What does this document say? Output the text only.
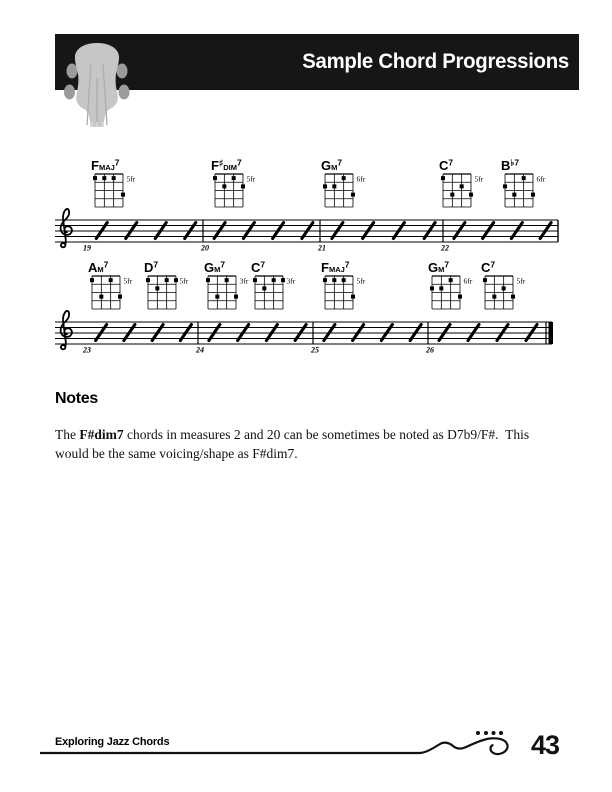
Sample Chord Progressions
19	20	21	22
FMAJ$^7$
5fr
$F^♯_{DIM}^7$
5fr
$GM^7$
6fr
$C^7$
5fr
B♭7
6fr
23	24	25	26
$AM^7$
5fr
$D^7$
5fr
$GM^7$
3fr
$C^7$
3fr
FMAJ$^7$
5fr
$GM^7$
6fr
$C^7$
5fr
Notes

The F#dim7 chords in measures 2 and 20 can be sometimes be noted as D7b9/F#.  This would be the same voicing/shape as F#dim7.

Exploring Jazz Chords	43
